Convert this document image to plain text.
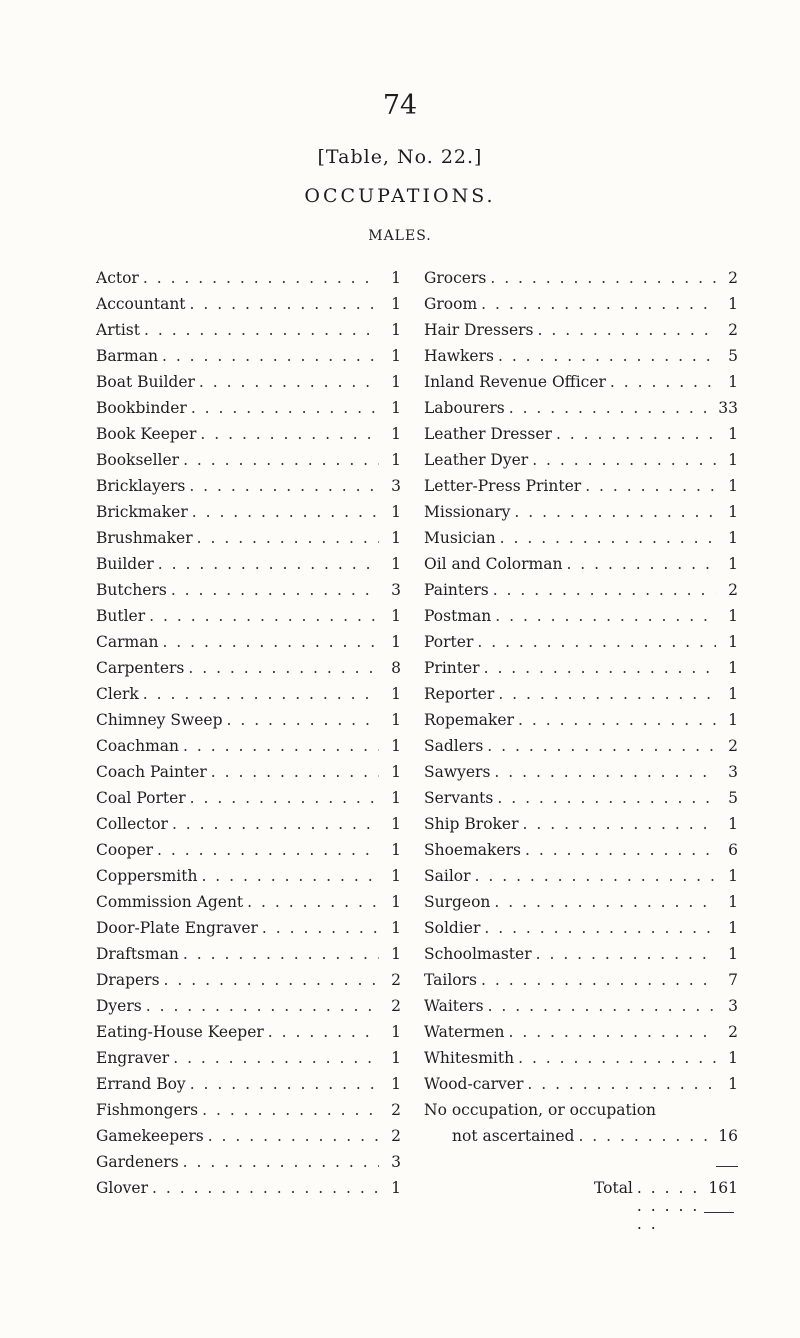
74
[Table, No. 22.]
OCCUPATIONS.
MALES.
Actor . . .	1
Accountant . . .	1
Artist . . .	1
Barman . . .	1
Boat Builder . . .	1
Bookbinder . . .	1
Book Keeper . . .	1
Bookseller . . .	1
Bricklayers . . .	3
Brickmaker . . .	1
Brushmaker . . .	1
Builder . . .	1
Butchers . . .	3
Butler . . .	1
Carman . . .	1
Carpenters . . .	8
Clerk . . .	1
Chimney Sweep . . .	1
Coachman . . .	1
Coach Painter . . .	1
Coal Porter . . .	1
Collector . . .	1
Cooper . . .	1
Coppersmith . . .	1
Commission Agent . . .	1
Door-Plate Engraver . . .	1
Draftsman . . .	1
Drapers . . .	2
Dyers . . .	2
Eating-House Keeper . . .	1
Engraver . . .	1
Errand Boy . . .	1
Fishmongers . . .	2
Gamekeepers . . .	2
Gardeners . . .	3
Glover . . .	1
Grocers . . .	2
Groom . . .	1
Hair Dressers . . .	2
Hawkers . . .	5
Inland Revenue Officer . . .	1
Labourers . . .	33
Leather Dresser . . .	1
Leather Dyer . . .	1
Letter-Press Printer . . .	1
Missionary . . .	1
Musician . . .	1
Oil and Colorman . . .	1
Painters . . .	2
Postman . . .	1
Porter . . .	1
Printer . . .	1
Reporter . . .	1
Ropemaker . . .	1
Sadlers . . .	2
Sawyers . . .	3
Servants . . .	5
Ship Broker . . .	1
Shoemakers . . .	6
Sailor . . .	1
Surgeon . . .	1
Soldier . . .	1
Schoolmaster . . .	1
Tailors . . .	7
Waiters . . .	3
Watermen . . .	2
Whitesmith . . .	1
Wood-carver . . .	1
No occupation, or occupation
not ascertained . . .	16
Total . . .	161
